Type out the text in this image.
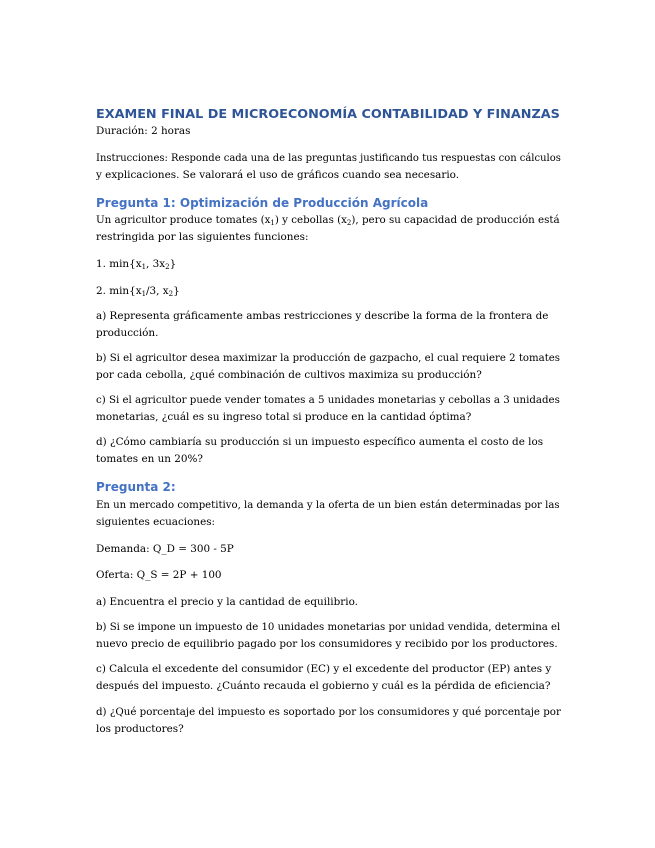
EXAMEN FINAL DE MICROECONOMÍA CONTABILIDAD Y FINANZAS

Duración: 2 horas

Instrucciones: Responde cada una de las preguntas justificando tus respuestas con cálculos

y explicaciones. Se valorará el uso de gráficos cuando sea necesario.

Pregunta 1: Optimización de Producción Agrícola

Un agricultor produce tomates (x1) y cebollas (x2), pero su capacidad de producción está

restringida por las siguientes funciones:

1. min{x1, 3x2}

2. min{x1/3, x2}

a) Representa gráficamente ambas restricciones y describe la forma de la frontera de

producción.

b) Si el agricultor desea maximizar la producción de gazpacho, el cual requiere 2 tomates

por cada cebolla, ¿qué combinación de cultivos maximiza su producción?

c) Si el agricultor puede vender tomates a 5 unidades monetarias y cebollas a 3 unidades

monetarias, ¿cuál es su ingreso total si produce en la cantidad óptima?

d) ¿Cómo cambiaría su producción si un impuesto específico aumenta el costo de los

tomates en un 20%?

Pregunta 2:

En un mercado competitivo, la demanda y la oferta de un bien están determinadas por las

siguientes ecuaciones:

Demanda: Q_D = 300 - 5P

Oferta: Q_S = 2P + 100

a) Encuentra el precio y la cantidad de equilibrio.

b) Si se impone un impuesto de 10 unidades monetarias por unidad vendida, determina el

nuevo precio de equilibrio pagado por los consumidores y recibido por los productores.

c) Calcula el excedente del consumidor (EC) y el excedente del productor (EP) antes y

después del impuesto. ¿Cuánto recauda el gobierno y cuál es la pérdida de eficiencia?

d) ¿Qué porcentaje del impuesto es soportado por los consumidores y qué porcentaje por

los productores?
